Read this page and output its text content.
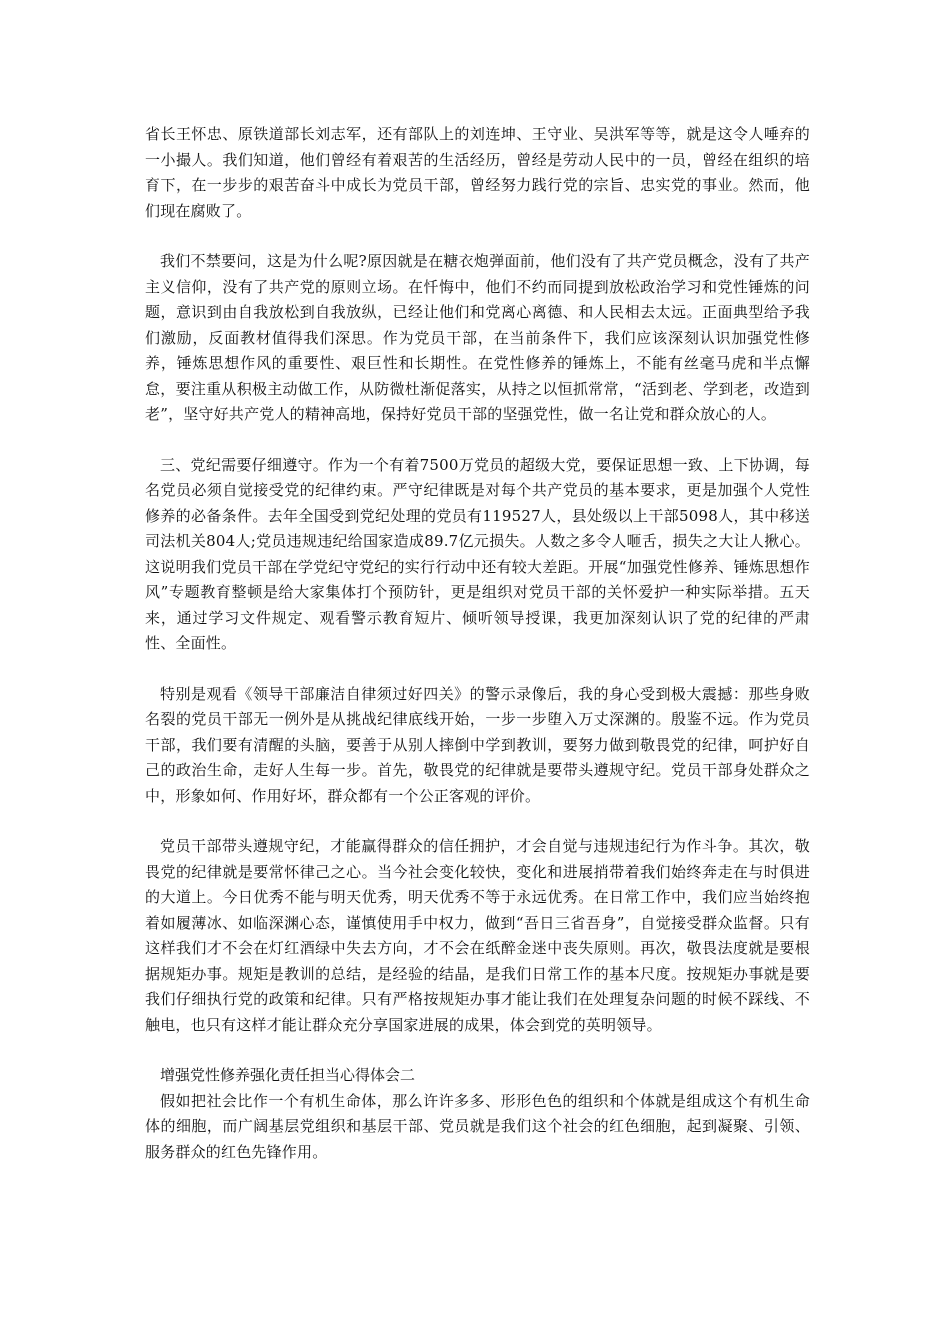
省长王怀忠、原铁道部长刘志军，还有部队上的刘连坤、王守业、吴洪军等等，就是这令人唾弃的一小撮人。我们知道，他们曾经有着艰苦的生活经历，曾经是劳动人民中的一员，曾经在组织的培育下，在一步步的艰苦奋斗中成长为党员干部，曾经努力践行党的宗旨、忠实党的事业。然而，他们现在腐败了。

我们不禁要问，这是为什么呢?原因就是在糖衣炮弹面前，他们没有了共产党员概念，没有了共产主义信仰，没有了共产党的原则立场。在忏悔中，他们不约而同提到放松政治学习和党性锤炼的问题，意识到由自我放松到自我放纵，已经让他们和党离心离德、和人民相去太远。正面典型给予我们激励，反面教材值得我们深思。作为党员干部，在当前条件下，我们应该深刻认识加强党性修养，锤炼思想作风的重要性、艰巨性和长期性。在党性修养的锤炼上，不能有丝毫马虎和半点懈怠，要注重从积极主动做工作，从防微杜渐促落实，从持之以恒抓常常，“活到老、学到老，改造到老”，坚守好共产党人的精神高地，保持好党员干部的坚强党性，做一名让党和群众放心的人。

三、党纪需要仔细遵守。作为一个有着7500万党员的超级大党，要保证思想一致、上下协调，每名党员必须自觉接受党的纪律约束。严守纪律既是对每个共产党员的基本要求，更是加强个人党性修养的必备条件。去年全国受到党纪处理的党员有119527人，县处级以上干部5098人，其中移送司法机关804人;党员违规违纪给国家造成89.7亿元损失。人数之多令人咂舌，损失之大让人揪心。这说明我们党员干部在学党纪守党纪的实行行动中还有较大差距。开展“加强党性修养、锤炼思想作风”专题教育整顿是给大家集体打个预防针，更是组织对党员干部的关怀爱护一种实际举措。五天来，通过学习文件规定、观看警示教育短片、倾听领导授课，我更加深刻认识了党的纪律的严肃性、全面性。

特别是观看《领导干部廉洁自律须过好四关》的警示录像后，我的身心受到极大震撼：那些身败名裂的党员干部无一例外是从挑战纪律底线开始，一步一步堕入万丈深渊的。殷鉴不远。作为党员干部，我们要有清醒的头脑，要善于从别人摔倒中学到教训，要努力做到敬畏党的纪律，呵护好自己的政治生命，走好人生每一步。首先，敬畏党的纪律就是要带头遵规守纪。党员干部身处群众之中，形象如何、作用好坏，群众都有一个公正客观的评价。

党员干部带头遵规守纪，才能赢得群众的信任拥护，才会自觉与违规违纪行为作斗争。其次，敬畏党的纪律就是要常怀律己之心。当今社会变化较快，变化和进展捎带着我们始终奔走在与时俱进的大道上。今日优秀不能与明天优秀，明天优秀不等于永远优秀。在日常工作中，我们应当始终抱着如履薄冰、如临深渊心态，谨慎使用手中权力，做到“吾日三省吾身”，自觉接受群众监督。只有这样我们才不会在灯红酒绿中失去方向，才不会在纸醉金迷中丧失原则。再次，敬畏法度就是要根据规矩办事。规矩是教训的总结，是经验的结晶，是我们日常工作的基本尺度。按规矩办事就是要我们仔细执行党的政策和纪律。只有严格按规矩办事才能让我们在处理复杂问题的时候不踩线、不触电，也只有这样才能让群众充分享国家进展的成果，体会到党的英明领导。

增强党性修养强化责任担当心得体会二

假如把社会比作一个有机生命体，那么许许多多、形形色色的组织和个体就是组成这个有机生命体的细胞，而广阔基层党组织和基层干部、党员就是我们这个社会的红色细胞，起到凝聚、引领、服务群众的红色先锋作用。
